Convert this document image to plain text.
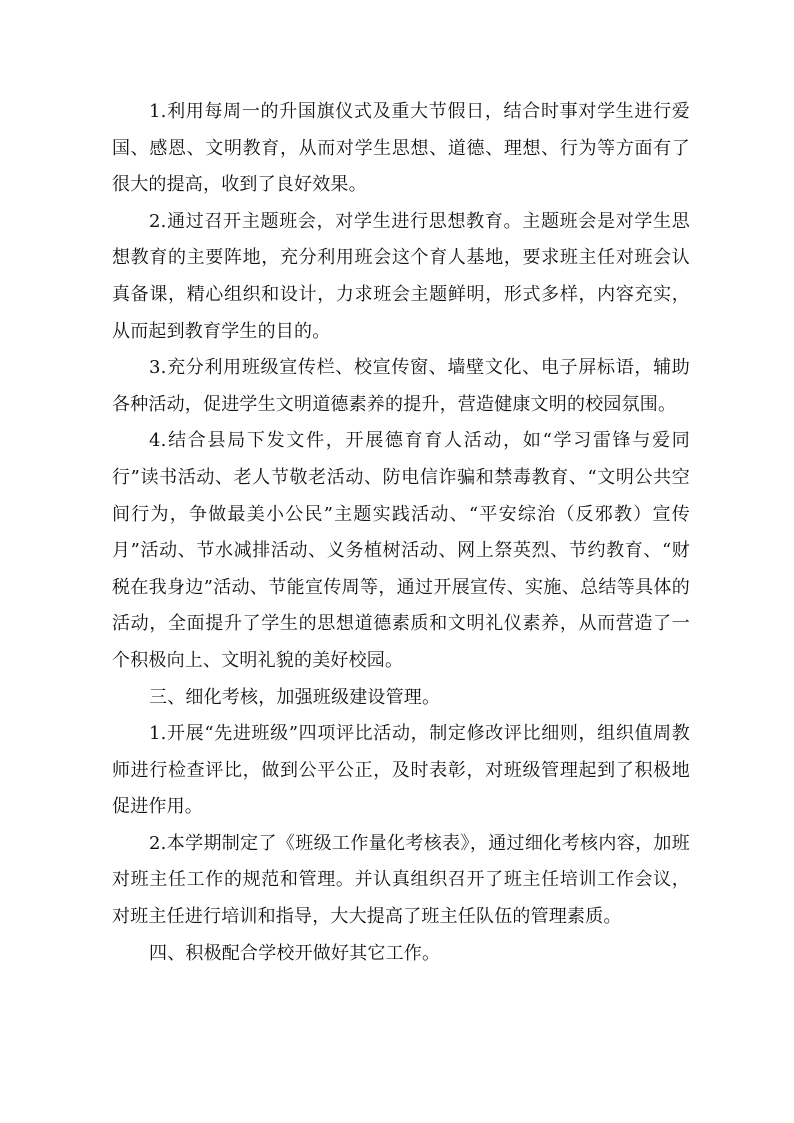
1.利用每周一的升国旗仪式及重大节假日，结合时事对学生进行爱国、感恩、文明教育，从而对学生思想、道德、理想、行为等方面有了很大的提高，收到了良好效果。

2.通过召开主题班会，对学生进行思想教育。主题班会是对学生思想教育的主要阵地，充分利用班会这个育人基地，要求班主任对班会认真备课，精心组织和设计，力求班会主题鲜明，形式多样，内容充实，从而起到教育学生的目的。

3.充分利用班级宣传栏、校宣传窗、墙壁文化、电子屏标语，辅助各种活动，促进学生文明道德素养的提升，营造健康文明的校园氛围。

4.结合县局下发文件，开展德育育人活动，如“学习雷锋与爱同行”读书活动、老人节敬老活动、防电信诈骗和禁毒教育、“文明公共空间行为，争做最美小公民”主题实践活动、“平安综治（反邪教）宣传月”活动、节水减排活动、义务植树活动、网上祭英烈、节约教育、“财税在我身边”活动、节能宣传周等，通过开展宣传、实施、总结等具体的活动，全面提升了学生的思想道德素质和文明礼仪素养，从而营造了一个积极向上、文明礼貌的美好校园。

三、细化考核，加强班级建设管理。

1.开展“先进班级”四项评比活动，制定修改评比细则，组织值周教师进行检查评比，做到公平公正，及时表彰，对班级管理起到了积极地促进作用。

2.本学期制定了《班级工作量化考核表》，通过细化考核内容，加班对班主任工作的规范和管理。并认真组织召开了班主任培训工作会议，对班主任进行培训和指导，大大提高了班主任队伍的管理素质。

四、积极配合学校开做好其它工作。
